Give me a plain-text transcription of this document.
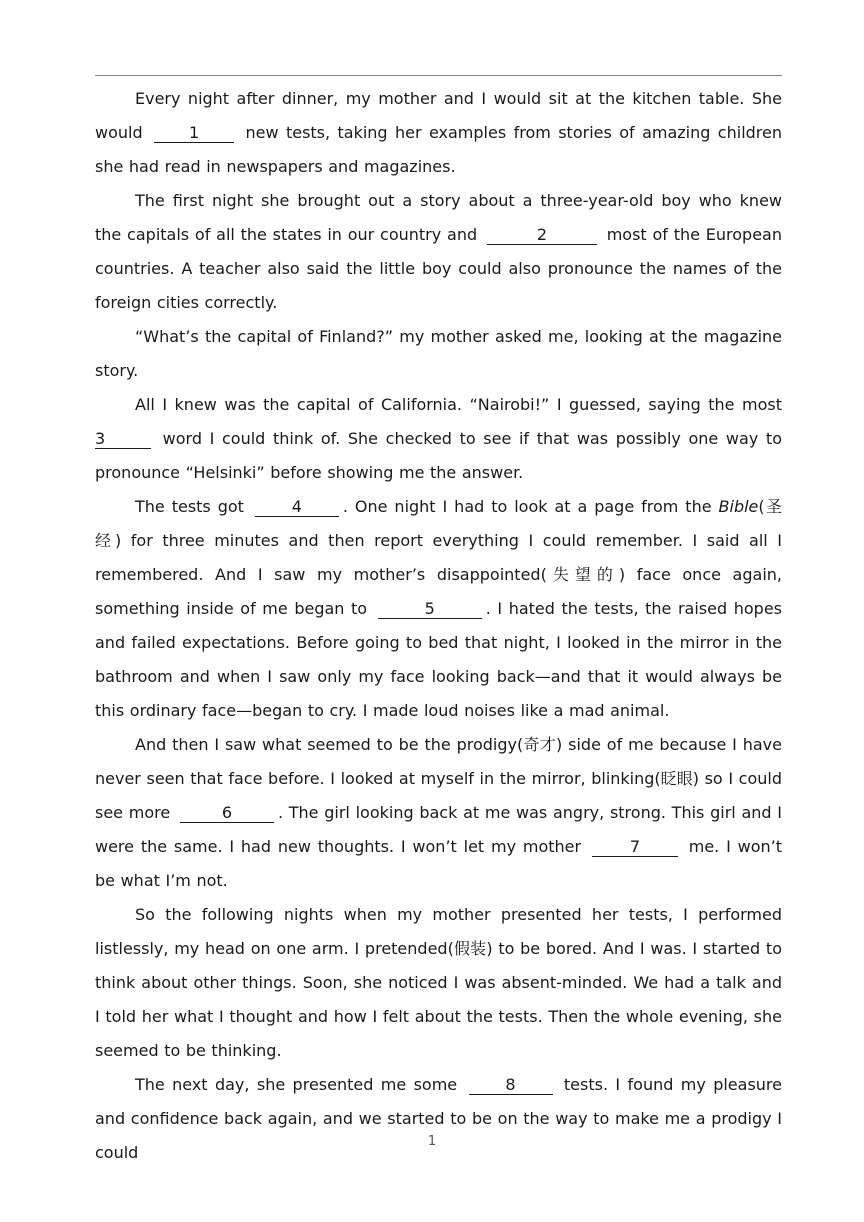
Every night after dinner, my mother and I would sit at the kitchen table. She would	1	new tests, taking her examples from stories of amazing children she had read in newspapers and magazines.

The first night she brought out a story about a three-year-old boy who knew the capitals of all the states in our country and	2	most of the European countries. A teacher also said the little boy could also pronounce the names of the foreign cities correctly.

“What’s the capital of Finland?” my mother asked me, looking at the magazine story.

All I knew was the capital of California. “Nairobi!” I guessed, saying the most 3	word I could think of. She checked to see if that was possibly one way to pronounce “Helsinki” before showing me the answer.

The tests got	4	. One night I had to look at a page from the Bible(圣经) for three minutes and then report everything I could remember. I said all I remembered. And I saw my mother’s disappointed(失望的) face once again, something inside of me began to	5	. I hated the tests, the raised hopes and failed expectations. Before going to bed that night, I looked in the mirror in the bathroom and when I saw only my face looking back—and that it would always be this ordinary face—began to cry. I made loud noises like a mad animal.

And then I saw what seemed to be the prodigy(奇才) side of me because I have never seen that face before. I looked at myself in the mirror, blinking(眨眼) so I could see more	6	. The girl looking back at me was angry, strong. This girl and I were the same. I had new thoughts. I won’t let my mother	7	me. I won’t be what I’m not.

So the following nights when my mother presented her tests, I performed listlessly, my head on one arm. I pretended(假装) to be bored. And I was. I started to think about other things. Soon, she noticed I was absent-minded. We had a talk and I told her what I thought and how I felt about the tests. Then the whole evening, she seemed to be thinking.

The next day, she presented me some	8	tests. I found my pleasure and confidence back again, and we started to be on the way to make me a prodigy I could

1
